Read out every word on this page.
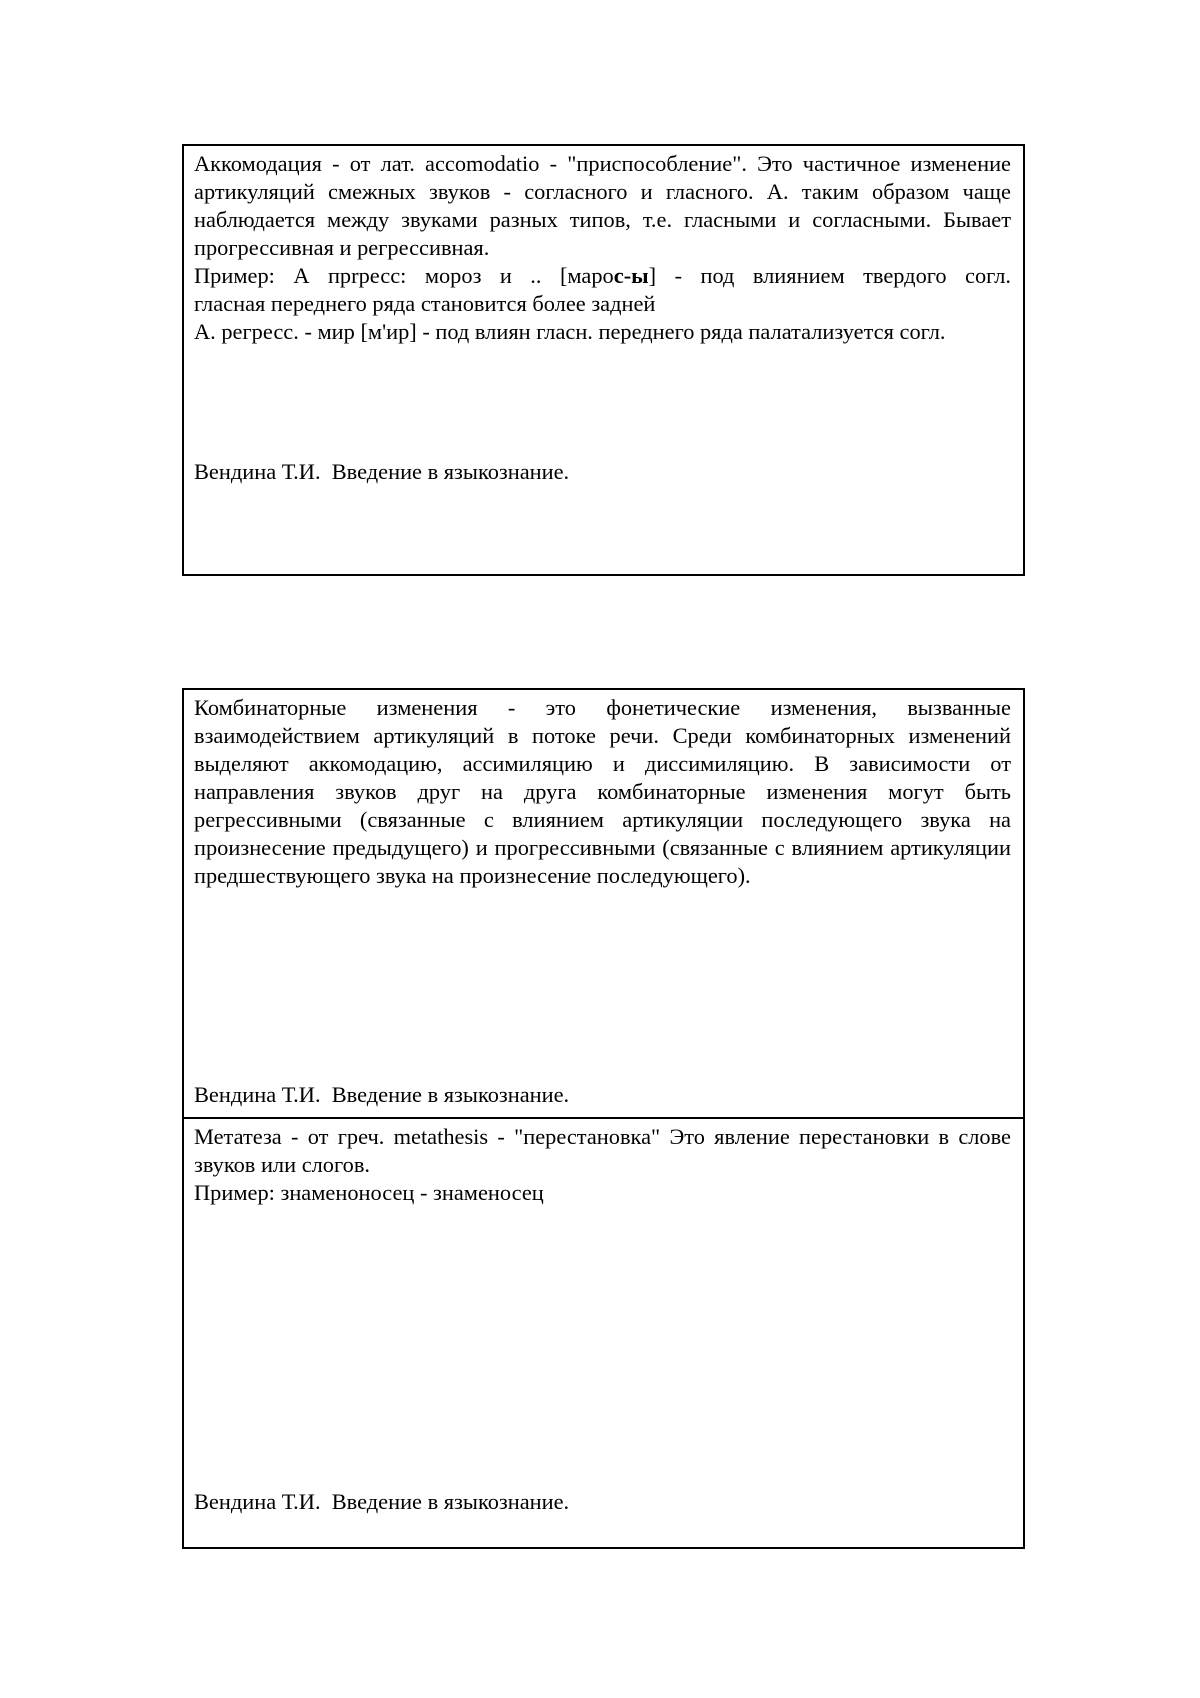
Аккомодация - от лат. accomodatio - "приспособление". Это частичное изменение артикуляций смежных звуков - согласного и гласного. А. таким образом чаще наблюдается между звуками разных типов, т.е. гласными и согласными. Бывает прогрессивная и регрессивная.

Пример: А прrресс: мороз и .. [марос-ы] - под влиянием твердого согл.

гласная переднего ряда становится более задней

А. регресс. - мир [м'ир] - под влиян гласн. переднего ряда палатализуется согл.

Вендина Т.И.  Введение в языкознание.

Комбинаторные изменения - это фонетические изменения, вызванные взаимодействием артикуляций в потоке речи. Среди комбинаторных изменений выделяют аккомодацию, ассимиляцию и диссимиляцию. В зависимости от направления звуков друг на друга комбинаторные изменения могут быть регрессивными (связанные с влиянием артикуляции последующего звука на произнесение предыдущего) и прогрессивными (связанные с влиянием артикуляции предшествующего звука на произнесение последующего).

Вендина Т.И.  Введение в языкознание.

Метатеза - от греч. metathesis - "перестановка" Это явление перестановки в слове звуков или слогов.

Пример: знаменоносец - знаменосец

Вендина Т.И.  Введение в языкознание.
